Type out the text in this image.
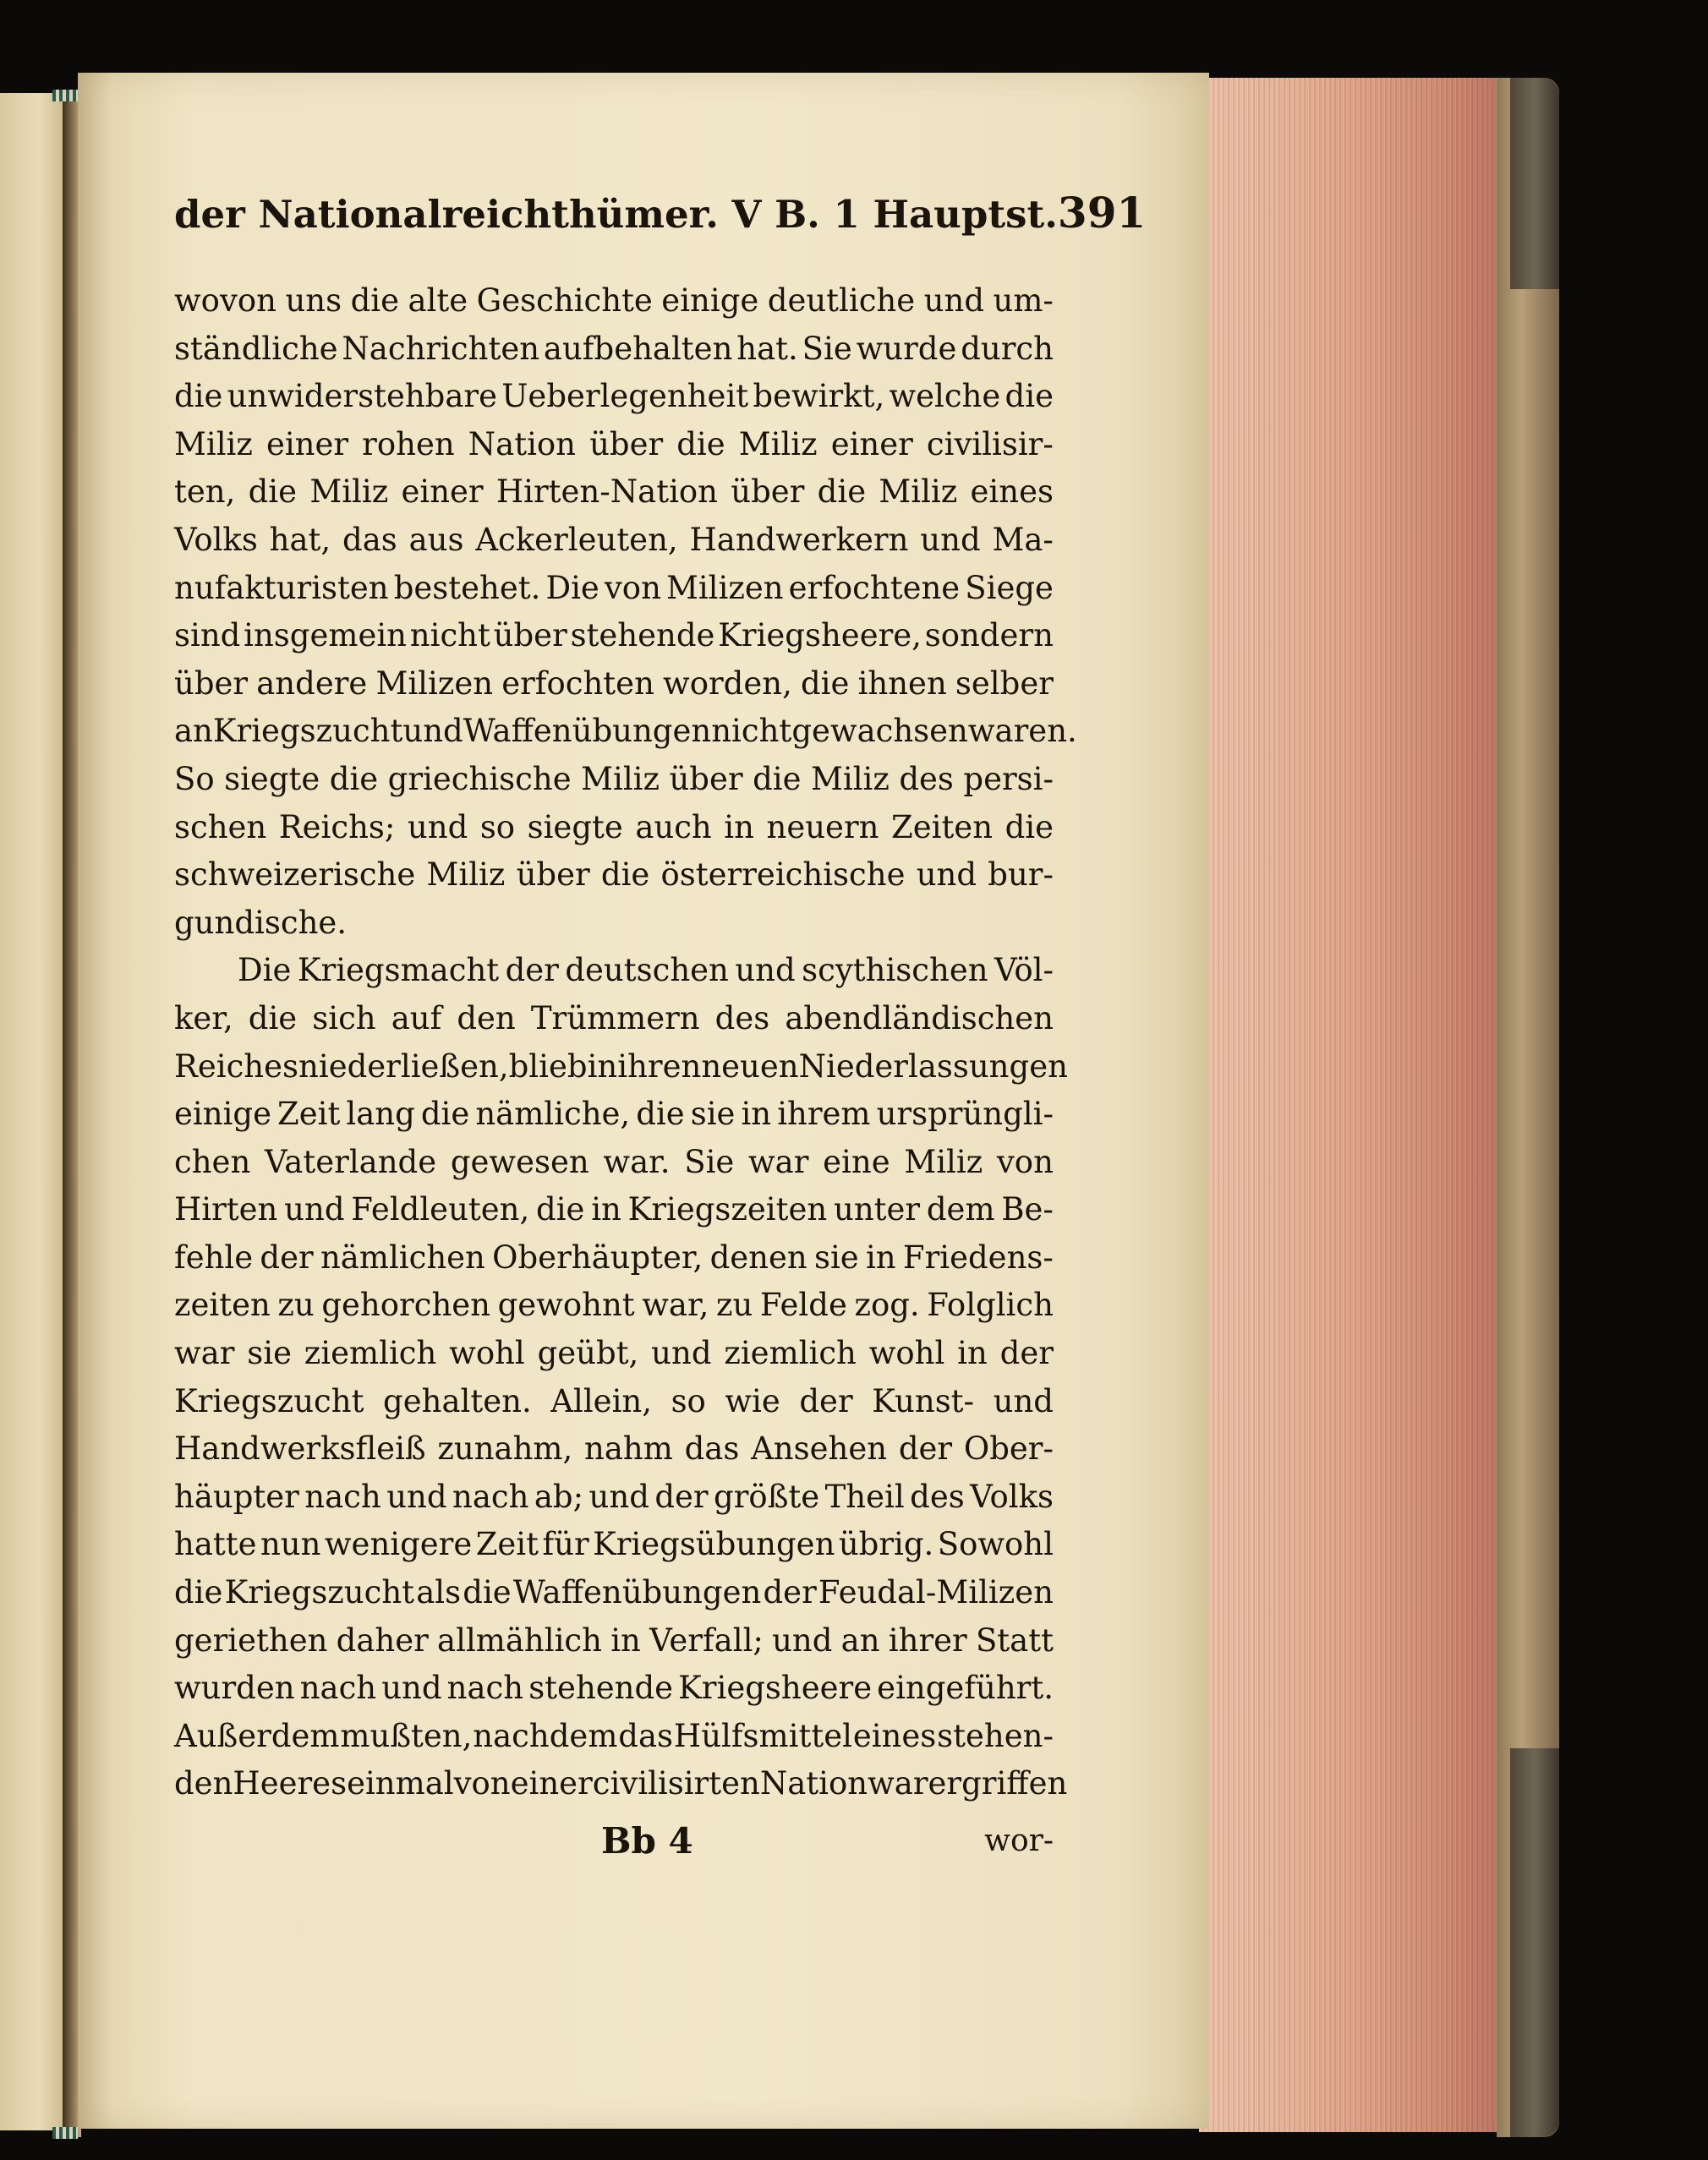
der Nationalreichthümer. V B. 1 Hauptst. 391
wovon uns die alte Geschichte einige deutliche und um-
ständliche Nachrichten aufbehalten hat. Sie wurde durch
die unwiderstehbare Ueberlegenheit bewirkt, welche die
Miliz einer rohen Nation über die Miliz einer civilisir-
ten, die Miliz einer Hirten-Nation über die Miliz eines
Volks hat, das aus Ackerleuten, Handwerkern und Ma-
nufakturisten bestehet. Die von Milizen erfochtene Siege
sind insgemein nicht über stehende Kriegsheere, sondern
über andere Milizen erfochten worden, die ihnen selber
an Kriegszucht und Waffenübungen nicht gewachsen waren.
So siegte die griechische Miliz über die Miliz des persi-
schen Reichs; und so siegte auch in neuern Zeiten die
schweizerische Miliz über die österreichische und bur-
gundische.
Die Kriegsmacht der deutschen und scythischen Völ-
ker, die sich auf den Trümmern des abendländischen
Reiches niederließen, blieb in ihren neuen Niederlassungen
einige Zeit lang die nämliche, die sie in ihrem ursprüngli-
chen Vaterlande gewesen war. Sie war eine Miliz von
Hirten und Feldleuten, die in Kriegszeiten unter dem Be-
fehle der nämlichen Oberhäupter, denen sie in Friedens-
zeiten zu gehorchen gewohnt war, zu Felde zog. Folglich
war sie ziemlich wohl geübt, und ziemlich wohl in der
Kriegszucht gehalten. Allein, so wie der Kunst- und
Handwerksfleiß zunahm, nahm das Ansehen der Ober-
häupter nach und nach ab; und der größte Theil des Volks
hatte nun wenigere Zeit für Kriegsübungen übrig. Sowohl
die Kriegszucht als die Waffenübungen der Feudal-Milizen
geriethen daher allmählich in Verfall; und an ihrer Statt
wurden nach und nach stehende Kriegsheere eingeführt.
Außerdem mußten, nachdem das Hülfsmittel eines stehen-
den Heeres einmal von einer civilisirten Nation war ergriffen
Bb 4	wor-
